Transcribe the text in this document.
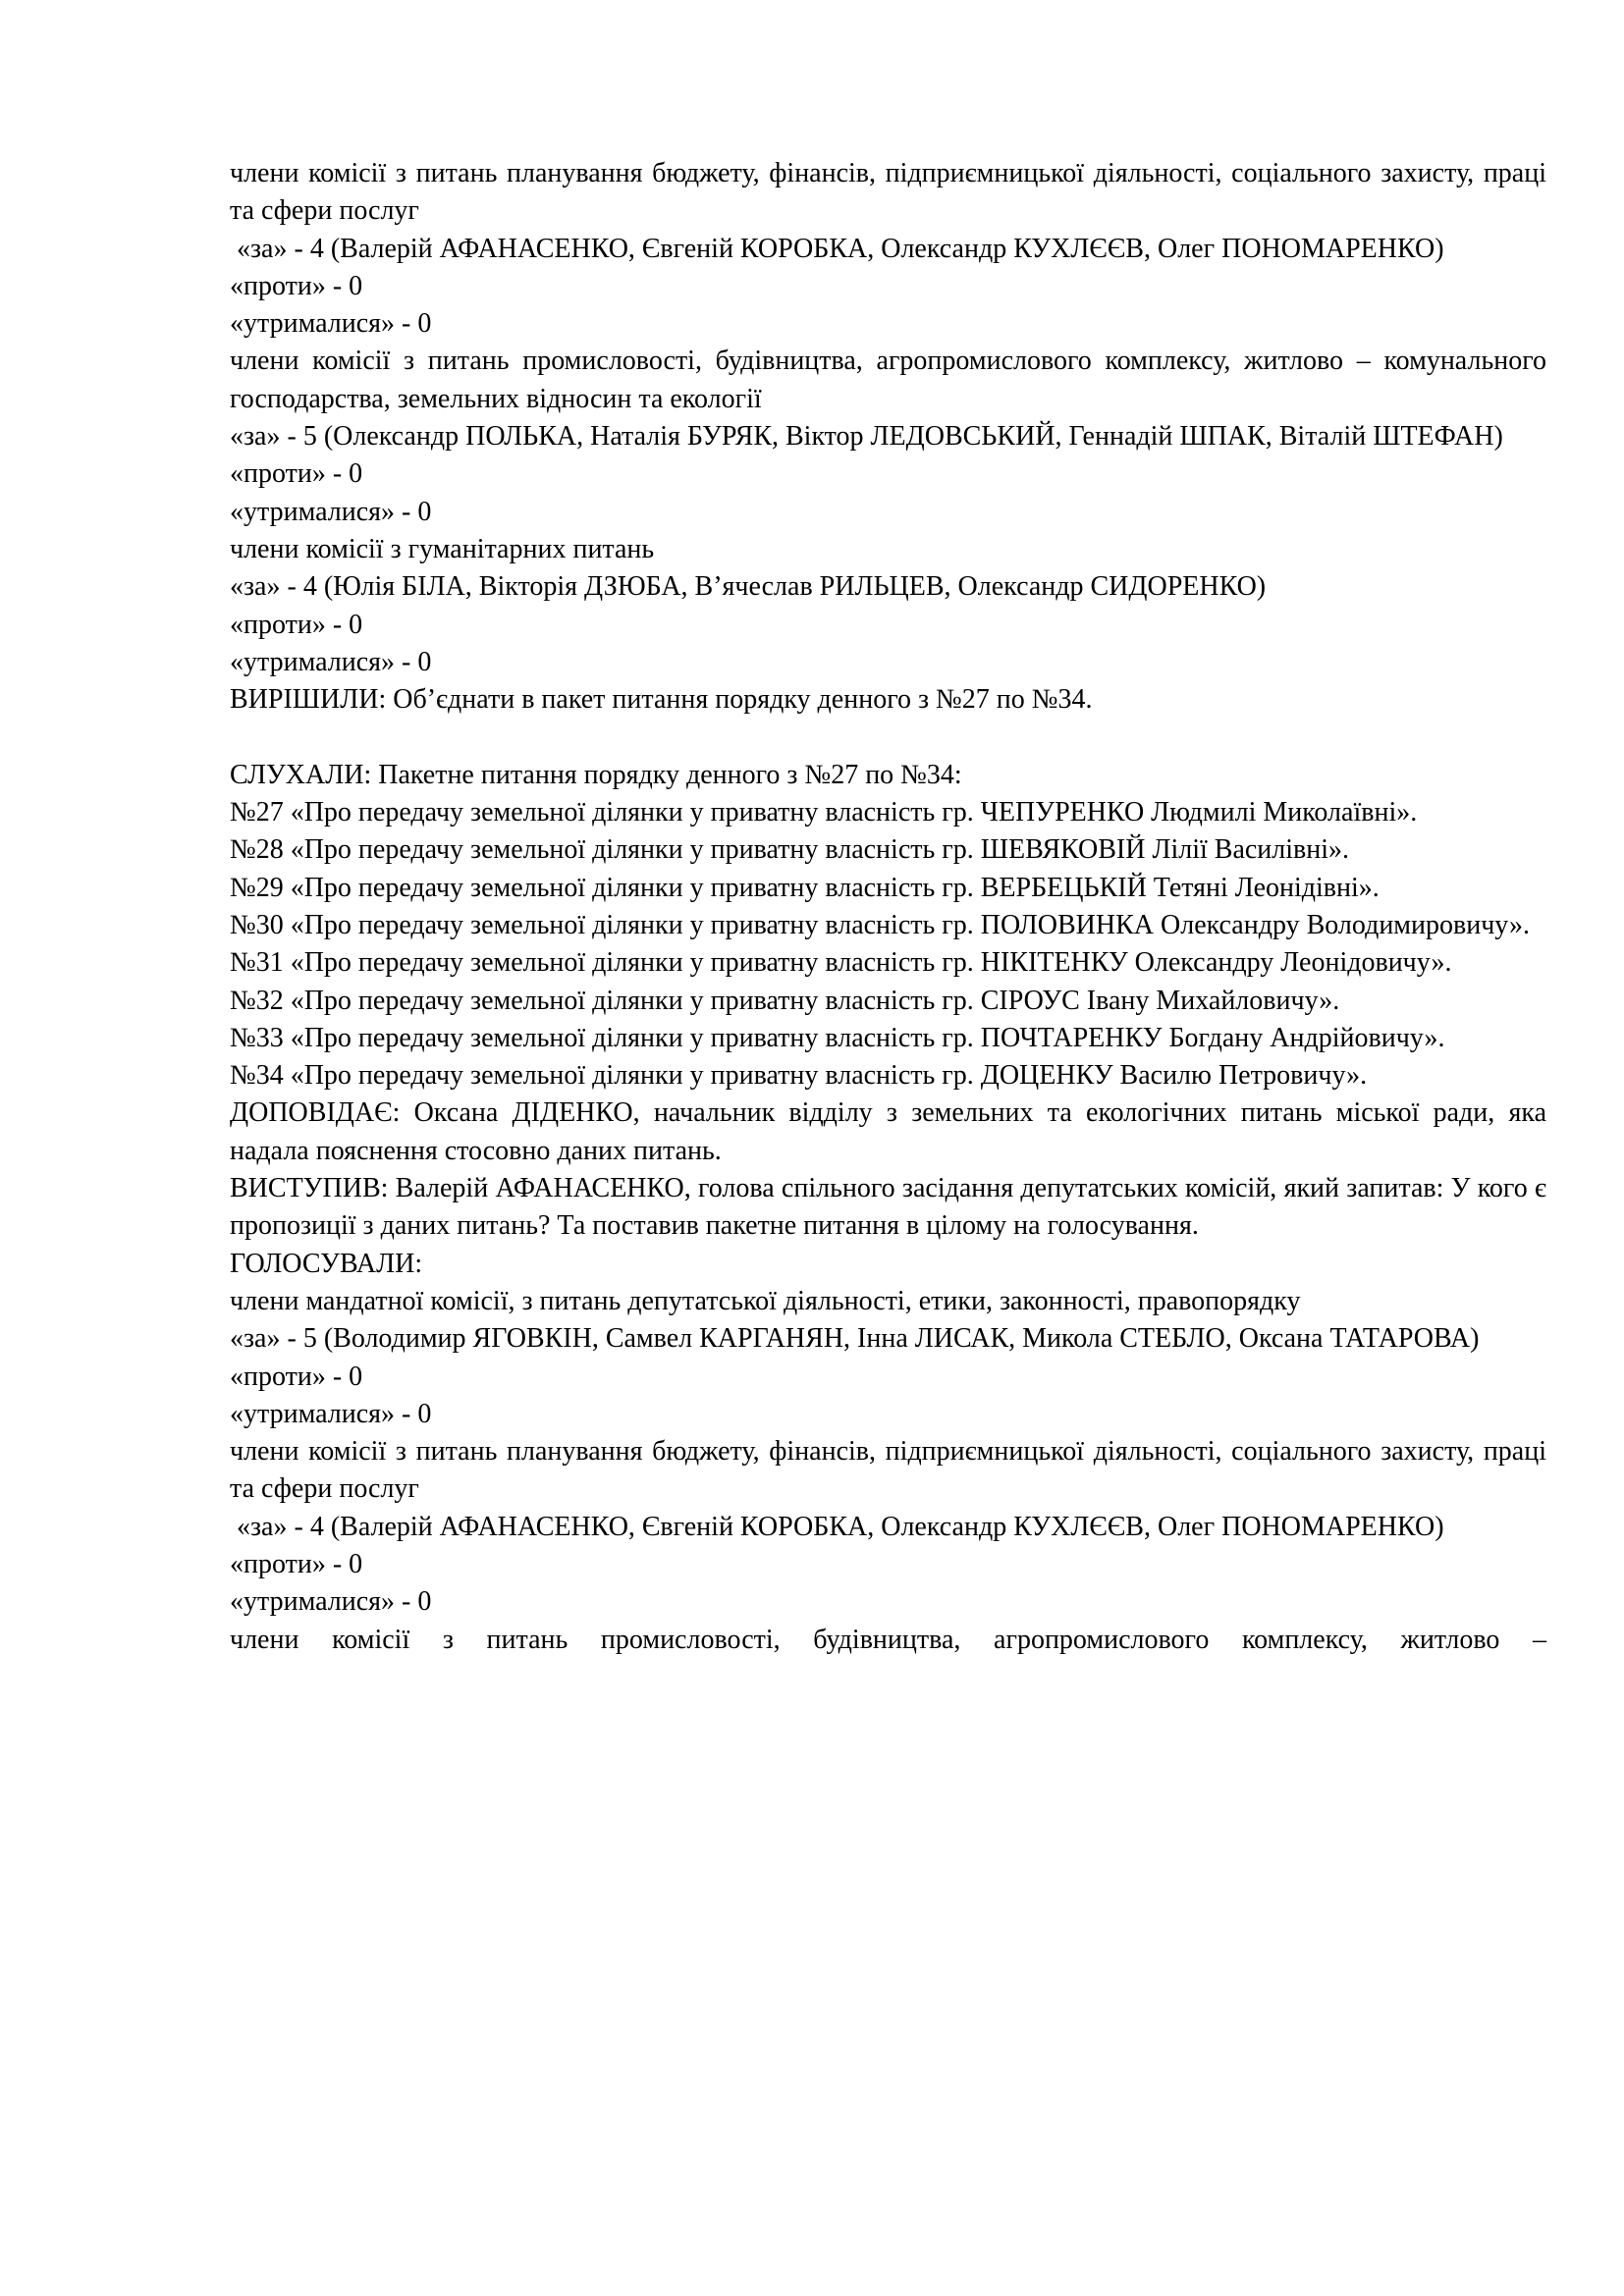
члени комісії з питань планування бюджету, фінансів, підприємницької діяльності, соціального захисту, праці та сфери послуг

«за» - 4 (Валерій АФАНАСЕНКО, Євгеній КОРОБКА, Олександр КУХЛЄЄВ, Олег ПОНОМАРЕНКО)

«проти» - 0

«утрималися» - 0

члени комісії з питань промисловості, будівництва, агропромислового комплексу, житлово – комунального господарства, земельних відносин та екології

«за» - 5 (Олександр ПОЛЬКА, Наталія БУРЯК, Віктор ЛЕДОВСЬКИЙ, Геннадій ШПАК, Віталій ШТЕФАН)

«проти» - 0

«утрималися» - 0

члени комісії з гуманітарних питань

«за» - 4 (Юлія БІЛА, Вікторія ДЗЮБА, В’ячеслав РИЛЬЦЕВ, Олександр СИДОРЕНКО)

«проти» - 0

«утрималися» - 0

ВИРІШИЛИ: Об’єднати в пакет питання порядку денного з №27 по №34.

СЛУХАЛИ: Пакетне питання порядку денного з №27 по №34:

№27 «Про передачу земельної ділянки у приватну власність гр. ЧЕПУРЕНКО Людмилі Миколаївні».

№28 «Про передачу земельної ділянки у приватну власність гр. ШЕВЯКОВІЙ Лілії Василівні».

№29 «Про передачу земельної ділянки у приватну власність гр. ВЕРБЕЦЬКІЙ Тетяні Леонідівні».

№30 «Про передачу земельної ділянки у приватну власність гр. ПОЛОВИНКА Олександру Володимировичу».

№31 «Про передачу земельної ділянки у приватну власність гр. НІКІТЕНКУ Олександру Леонідовичу».

№32 «Про передачу земельної ділянки у приватну власність гр. СІРОУС Івану Михайловичу».

№33 «Про передачу земельної ділянки у приватну власність гр. ПОЧТАРЕНКУ Богдану Андрійовичу».

№34 «Про передачу земельної ділянки у приватну власність гр. ДОЦЕНКУ Василю Петровичу».

ДОПОВІДАЄ: Оксана ДІДЕНКО, начальник відділу з земельних та екологічних питань міської ради, яка надала пояснення стосовно даних питань.

ВИСТУПИВ: Валерій АФАНАСЕНКО, голова спільного засідання депутатських комісій, який запитав: У кого є пропозиції з даних питань? Та поставив пакетне питання в цілому на голосування.

ГОЛОСУВАЛИ:

члени мандатної комісії, з питань депутатської діяльності, етики, законності, правопорядку

«за» - 5 (Володимир ЯГОВКІН, Самвел КАРГАНЯН, Інна ЛИСАК, Микола СТЕБЛО, Оксана ТАТАРОВА)

«проти» - 0

«утрималися» - 0

члени комісії з питань планування бюджету, фінансів, підприємницької діяльності, соціального захисту, праці та сфери послуг

«за» - 4 (Валерій АФАНАСЕНКО, Євгеній КОРОБКА, Олександр КУХЛЄЄВ, Олег ПОНОМАРЕНКО)

«проти» - 0

«утрималися» - 0

члени комісії з питань промисловості, будівництва, агропромислового комплексу, житлово –
